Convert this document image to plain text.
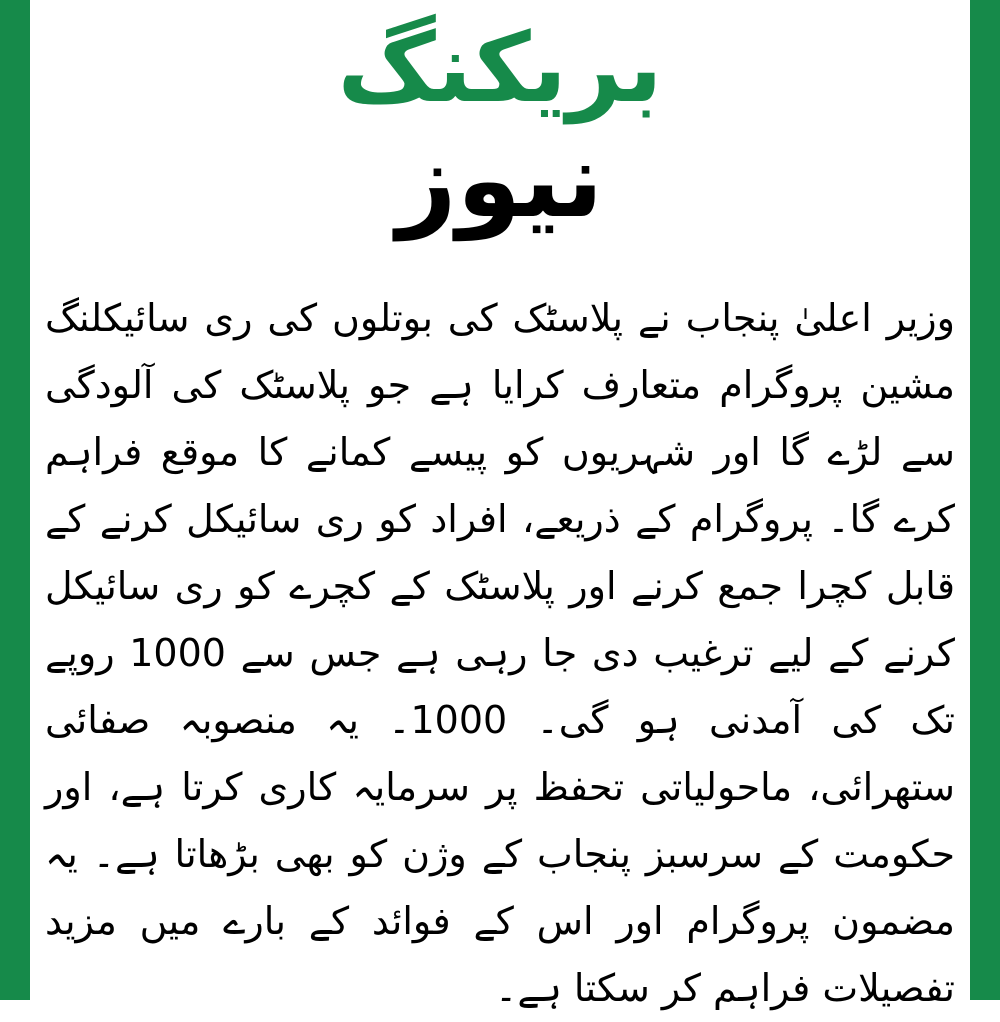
بریکنگ
نیوز
وزیر اعلیٰ پنجاب نے پلاسٹک کی بوتلوں کی ری سائیکلنگ مشین پروگرام متعارف کرایا ہے جو پلاسٹک کی آلودگی سے لڑے گا اور شہریوں کو پیسے کمانے کا موقع فراہم کرے گا۔ پروگرام کے ذریعے، افراد کو ری سائیکل کرنے کے قابل کچرا جمع کرنے اور پلاسٹک کے کچرے کو ری سائیکل کرنے کے لیے ترغیب دی جا رہی ہے جس سے 1000 روپے تک کی آمدنی ہو گی۔ 1000۔ یہ منصوبہ صفائی ستھرائی، ماحولیاتی تحفظ پر سرمایہ کاری کرتا ہے، اور حکومت کے سرسبز پنجاب کے وژن کو بھی بڑھاتا ہے۔ یہ مضمون پروگرام اور اس کے فوائد کے بارے میں مزید تفصیلات فراہم کر سکتا ہے۔
